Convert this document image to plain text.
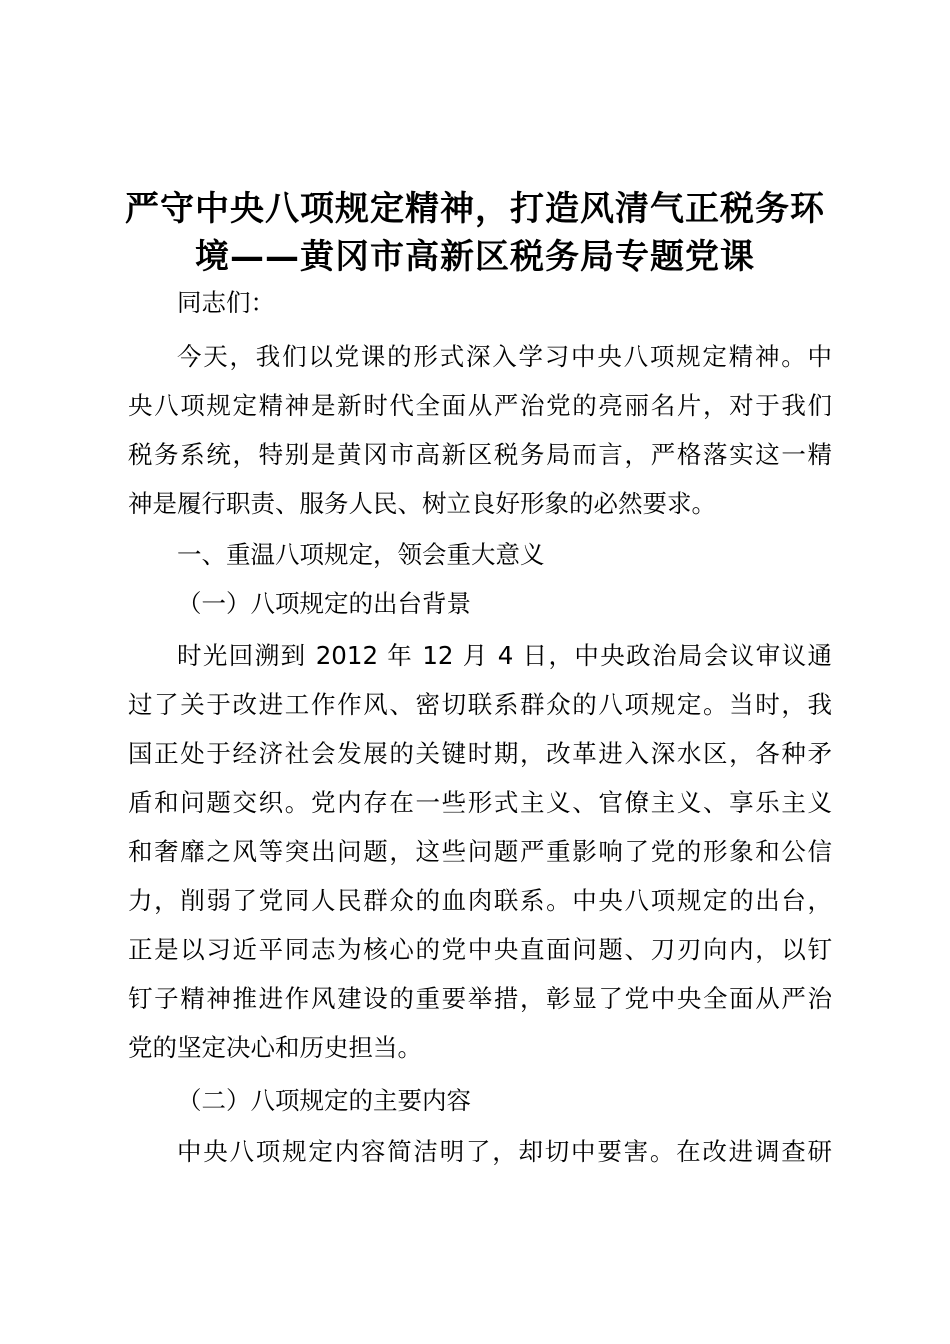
严守中央八项规定精神，打造风清气正税务环
境——黄冈市高新区税务局专题党课
同志们：
今天，我们以党课的形式深入学习中央八项规定精神。中
央八项规定精神是新时代全面从严治党的亮丽名片，对于我们
税务系统，特别是黄冈市高新区税务局而言，严格落实这一精
神是履行职责、服务人民、树立良好形象的必然要求。
一、重温八项规定，领会重大意义
（一）八项规定的出台背景
时光回溯到 2012 年 12 月 4 日，中央政治局会议审议通
过了关于改进工作作风、密切联系群众的八项规定。当时，我
国正处于经济社会发展的关键时期，改革进入深水区，各种矛
盾和问题交织。党内存在一些形式主义、官僚主义、享乐主义
和奢靡之风等突出问题，这些问题严重影响了党的形象和公信
力，削弱了党同人民群众的血肉联系。中央八项规定的出台，
正是以习近平同志为核心的党中央直面问题、刀刃向内，以钉
钉子精神推进作风建设的重要举措，彰显了党中央全面从严治
党的坚定决心和历史担当。
（二）八项规定的主要内容
中央八项规定内容简洁明了，却切中要害。在改进调查研
